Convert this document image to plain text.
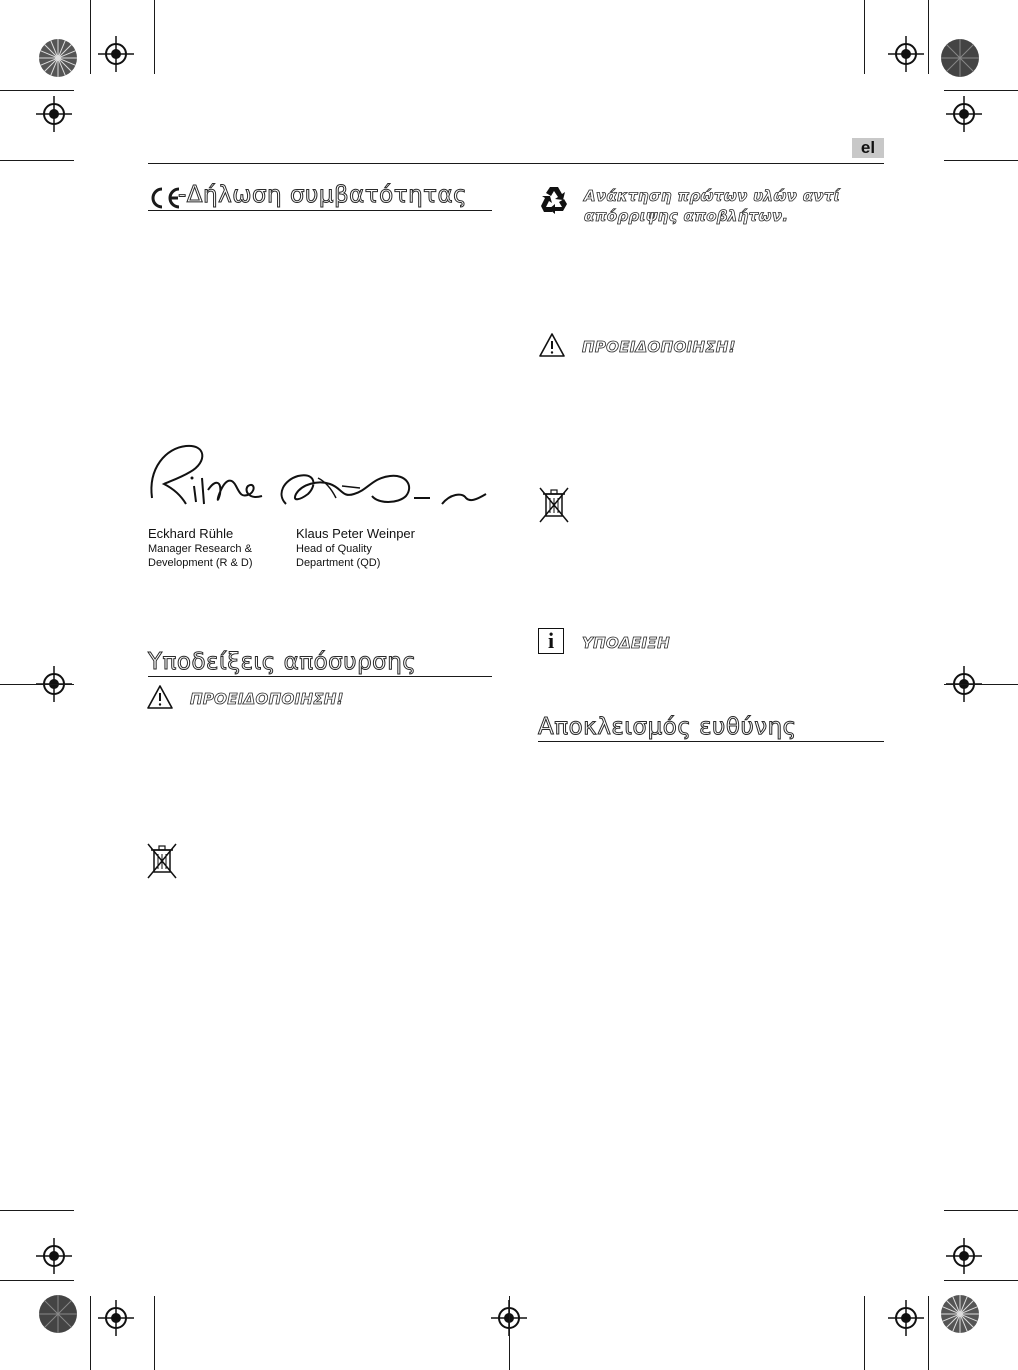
el
-Δήλωση συμβατότητας
Eckhard Rühle
Manager Research &
Development (R & D)
Klaus Peter Weinper
Head of Quality
Department (QD)
Υποδείξεις απόσυρσης
ΠΡΟΕΙΔΟΠΟΙΗΣΗ!
Ανάκτηση πρώτων υλών αντί
απόρριψης αποβλήτων.
ΠΡΟΕΙΔΟΠΟΙΗΣΗ!
i	ΥΠΟΔΕΙΞΗ
Αποκλεισμός ευθύνης
